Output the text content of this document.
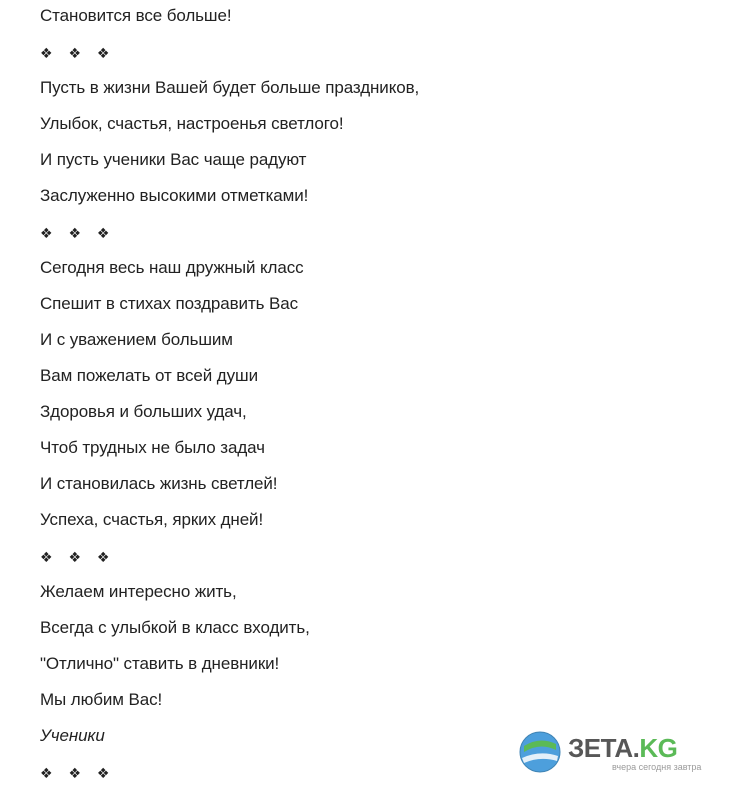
Становится все больше!
❖ ❖ ❖
Пусть в жизни Вашей будет больше праздников,
Улыбок, счастья, настроенья светлого!
И пусть ученики Вас чаще радуют
Заслуженно высокими отметками!
❖ ❖ ❖
Сегодня весь наш дружный класс
Спешит в стихах поздравить Вас
И с уважением большим
Вам пожелать от всей души
Здоровья и больших удач,
Чтоб трудных не было задач
И становилась жизнь светлей!
Успеха, счастья, ярких дней!
❖ ❖ ❖
Желаем интересно жить,
Всегда с улыбкой в класс входить,
"Отлично" ставить в дневники!
Мы любим Вас!
Ученики
❖ ❖ ❖
ЗЕТА.KG
вчера сегодня завтра
